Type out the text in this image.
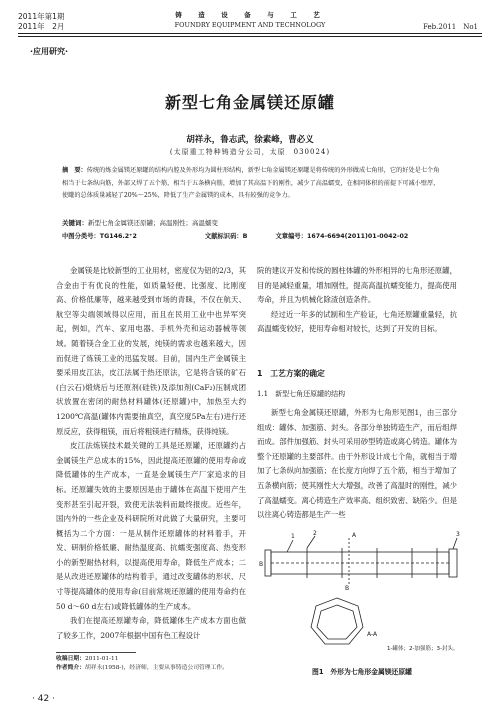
2011年第1期
2011年　2月
铸　造　设　备　与　工　艺
FOUNDRY EQUIPMENT AND TECHNOLOGY	Feb.2011　No1
·应用研究·
新型七角金属镁还原罐
胡祥永，鲁志武，徐素峰，曹必义
(太原重工特种铸造分公司，太原　030024)
摘　要：传统的炼金属镁还原罐的结构内腔及外形均为圆柱形结构，新型七角金属镁还原罐是将传统的外形做成七角形，它的好处是七个角相当于七条纵向筋，外部又焊了五个筋，相当于五条横向筋，增加了其高温下的刚性，减少了高温蠕变，在相同体积的前提下可减小壁厚，使罐的总体质量减轻了20%～25%，降低了生产金属镁的成本，具有较强的竞争力。
关键词：新型七角金属镁还原罐；高温刚性；高温蠕变
中图分类号：TG146.2⁺2	文献标识码：B	文章编号：1674-6694(2011)01-0042-02

金属镁是比较新型的工业用材，密度仅为铝的2/3，其合金由于有优良的性能，如质量轻便、比强度、比刚度高、价格低廉等，越来越受到市场的青睐，不仅在航天、航空等尖端领域得以应用，而且在民用工业中也异军突起，例如，汽车、家用电器、手机外壳和运动器械等领域。随着镁合金工业的发展，纯镁的需求也越来越大，因而促进了炼镁工业的迅猛发展。目前，国内生产金属镁主要采用皮江法，皮江法属于热还原法，它是将含镁的矿石(白云石)煅烧后与还原剂(硅铁)及添加剂(CaF₂)压制成团状放置在密闭的耐热材料罐体(还原罐)中，加热至大约1200℃高温(罐体内需要抽真空，真空度5Pa左右)进行还原反应，获得粗镁，而后将粗镁进行精炼，获得纯镁。

皮江法炼镁技术最关键的工具是还原罐，还原罐约占金属镁生产总成本的15%，因此提高还原罐的使用寿命或降低罐体的生产成本，一直是金属镁生产厂家追求的目标。还原罐失效的主要原因是由于罐体在高温下使用产生变形甚至引起开裂，致使无法装料而最终报废。近些年，国内外的一些企业及科研院所对此做了大量研究，主要可概括为二个方面：一是从制作还原罐体的材料着手，开发、研制价格低廉、耐热温度高、抗蠕变强度高、热变形小的新型耐热材料，以提高使用寿命，降低生产成本；二是从改进还原罐体的结构着手，通过改变罐体的形状、尺寸等提高罐体的使用寿命(目前常规还原罐的使用寿命约在50 d～60 d左右)或降低罐体的生产成本。

我们在提高还原罐寿命，降低罐体生产成本方面也做了较多工作，2007年根据中国有色工程设计

院的建议开发和传统的圆柱体罐的外形相异的七角形还原罐，目的是减轻重量，增加刚性，提高高温抗蠕变能力，提高使用寿命，并且为机械化除渣创造条件。

经过近一年多的试制和生产验证，七角还原罐重量轻，抗高温蠕变较好，使用寿命相对较长，达到了开发的目标。

1　工艺方案的确定
1.1　新型七角还原罐的结构

新型七角金属镁还原罐，外形为七角形见图1，由三部分组成：罐体、加强筋、封头。各部分单独铸造生产，而后组焊而成。部件加强筋、封头可采用砂型铸造或离心铸造。罐体为整个还原罐的主要部件。由于外形设计成七个角，就相当于增加了七条纵向加强筋；在长度方向焊了五个筋，相当于增加了五条横向筋；使其刚性大大增强，改善了高温时的刚性，减少了高温蠕变。离心铸造生产效率高、组织致密、缺陷少。但是以往离心铸造都是生产一些

1	2	A	3
B
B
A-A
1-罐体；2-加强筋；3-封头。
图1　外形为七角形金属镁还原罐
收稿日期：2011-01-11
作者简介：胡祥永(1958-)，经济师，主要从事铸造公司管理工作。
· 42 ·
